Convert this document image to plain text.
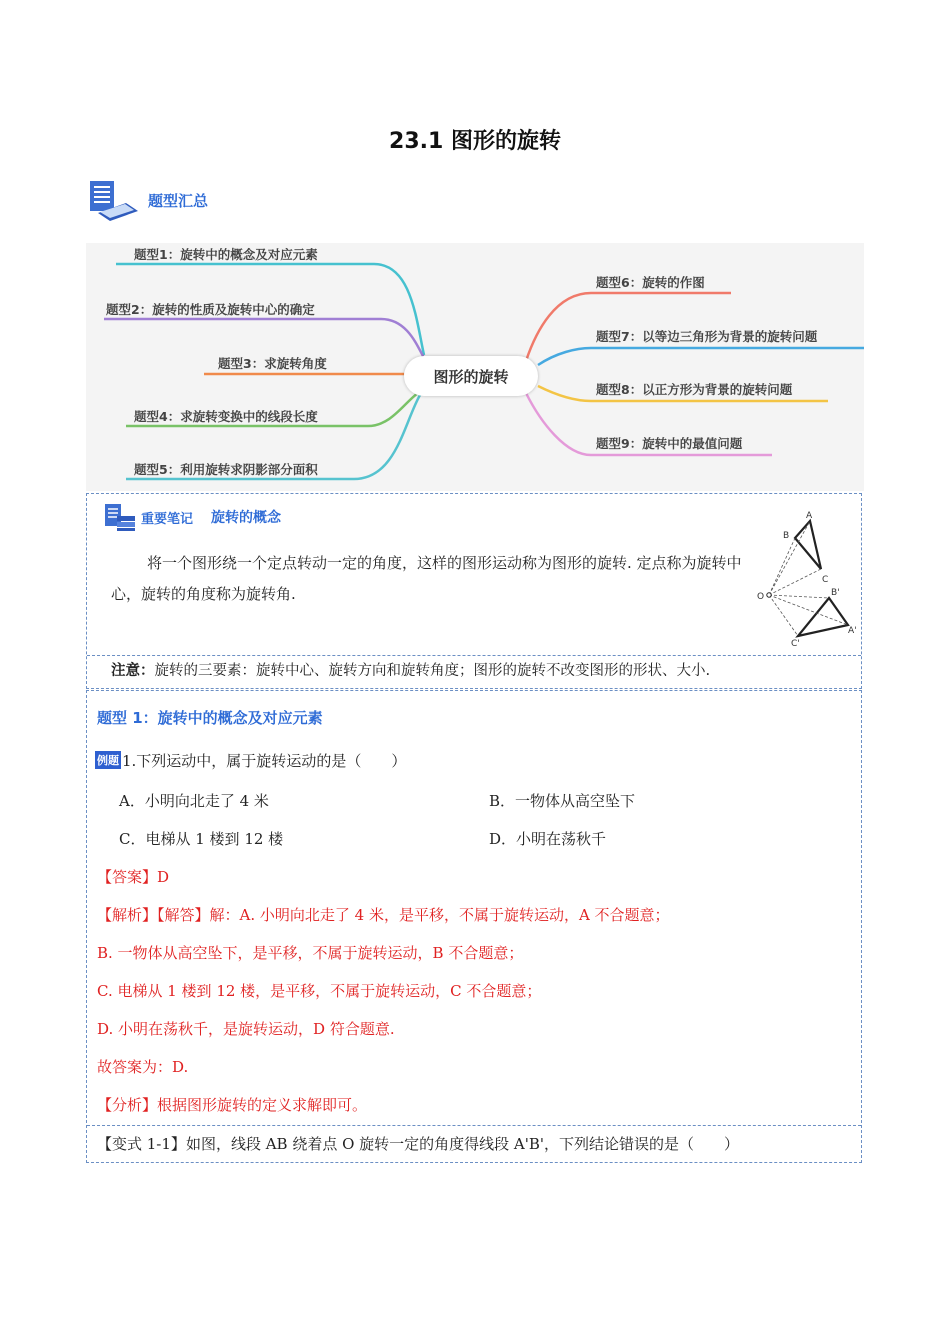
23.1 图形的旋转
题型汇总
题型1：旋转中的概念及对应元素
题型2：旋转的性质及旋转中心的确定
题型3：求旋转角度
题型4：求旋转变换中的线段长度
题型5：利用旋转求阴影部分面积
题型6：旋转的作图
题型7：以等边三角形为背景的旋转问题
题型8：以正方形为背景的旋转问题
题型9：旋转中的最值问题
图形的旋转
重要笔记 旋转的概念
将一个图形绕一个定点转动一定的角度，这样的图形运动称为图形的旋转. 定点称为旋转中心，旋转的角度称为旋转角.
A
B
C
O	B'
A'
C'
注意：旋转的三要素：旋转中心、旋转方向和旋转角度；图形的旋转不改变图形的形状、大小.
题型 1：旋转中的概念及对应元素
例题 1.下列运动中，属于旋转运动的是（　　）
A．小明向北走了 4 米	B．一物体从高空坠下
C．电梯从 1 楼到 12 楼	D．小明在荡秋千
【答案】D
【解析】【解答】解：A. 小明向北走了 4 米，是平移，不属于旋转运动，A 不合题意；
B. 一物体从高空坠下，是平移，不属于旋转运动，B 不合题意；
C. 电梯从 1 楼到 12 楼，是平移，不属于旋转运动，C 不合题意；
D. 小明在荡秋千，是旋转运动，D 符合题意.
故答案为：D.
【分析】根据图形旋转的定义求解即可。
【变式 1-1】如图，线段 AB 绕着点 O 旋转一定的角度得线段 A'B'，下列结论错误的是（　　）
